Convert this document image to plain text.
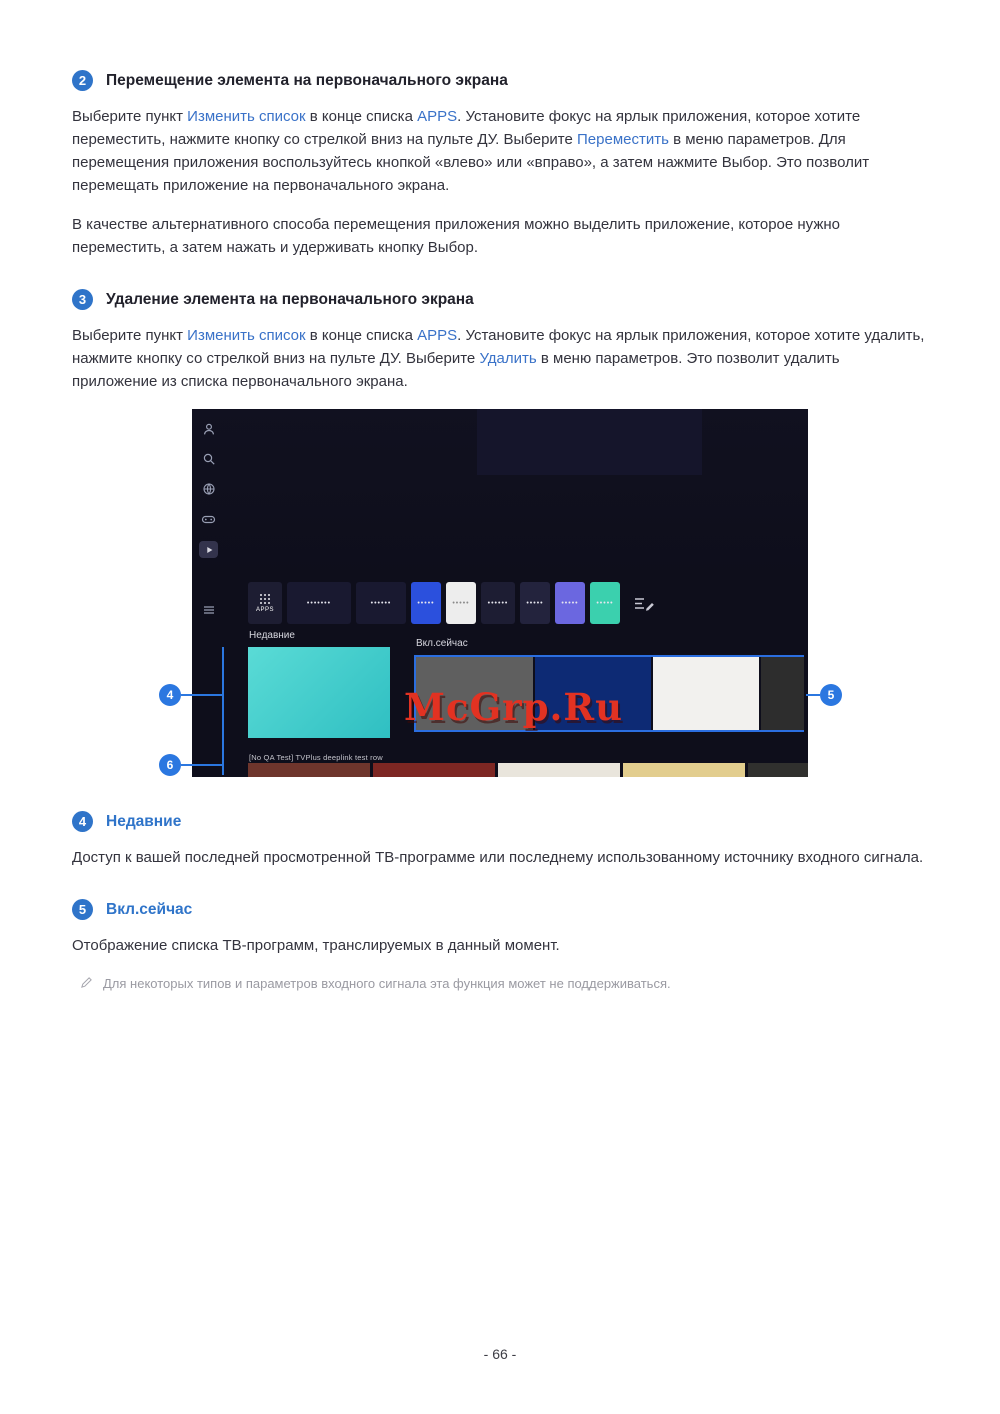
2	Перемещение элемента на первоначального экрана

Выберите пункт Изменить список в конце списка APPS. Установите фокус на ярлык приложения, которое хотите переместить, нажмите кнопку со стрелкой вниз на пульте ДУ. Выберите Переместить в меню параметров. Для перемещения приложения воспользуйтесь кнопкой «влево» или «вправо», а затем нажмите Выбор. Это позволит перемещать приложение на первоначального экрана.

В качестве альтернативного способа перемещения приложения можно выделить приложение, которое нужно переместить, а затем нажать и удерживать кнопку Выбор.

3	Удаление элемента на первоначального экрана

Выберите пункт Изменить список в конце списка APPS. Установите фокус на ярлык приложения, которое хотите удалить, нажмите кнопку со стрелкой вниз на пульте ДУ. Выберите Удалить в меню параметров. Это позволит удалить приложение из списка первоначального экрана.

APPS
•••••••	••••••	•••••	•••••	••••••	•••••	•••••	•••••
Недавние
Вкл.сейчас
[No QA Test] TVPlus deeplink test row
McGrp.Ru
4	5
6
4	Недавние

Доступ к вашей последней просмотренной ТВ-программе или последнему использованному источнику входного сигнала.

5	Вкл.сейчас

Отображение списка ТВ-программ, транслируемых в данный момент.

Для некоторых типов и параметров входного сигнала эта функция может не поддерживаться.
- 66 -
